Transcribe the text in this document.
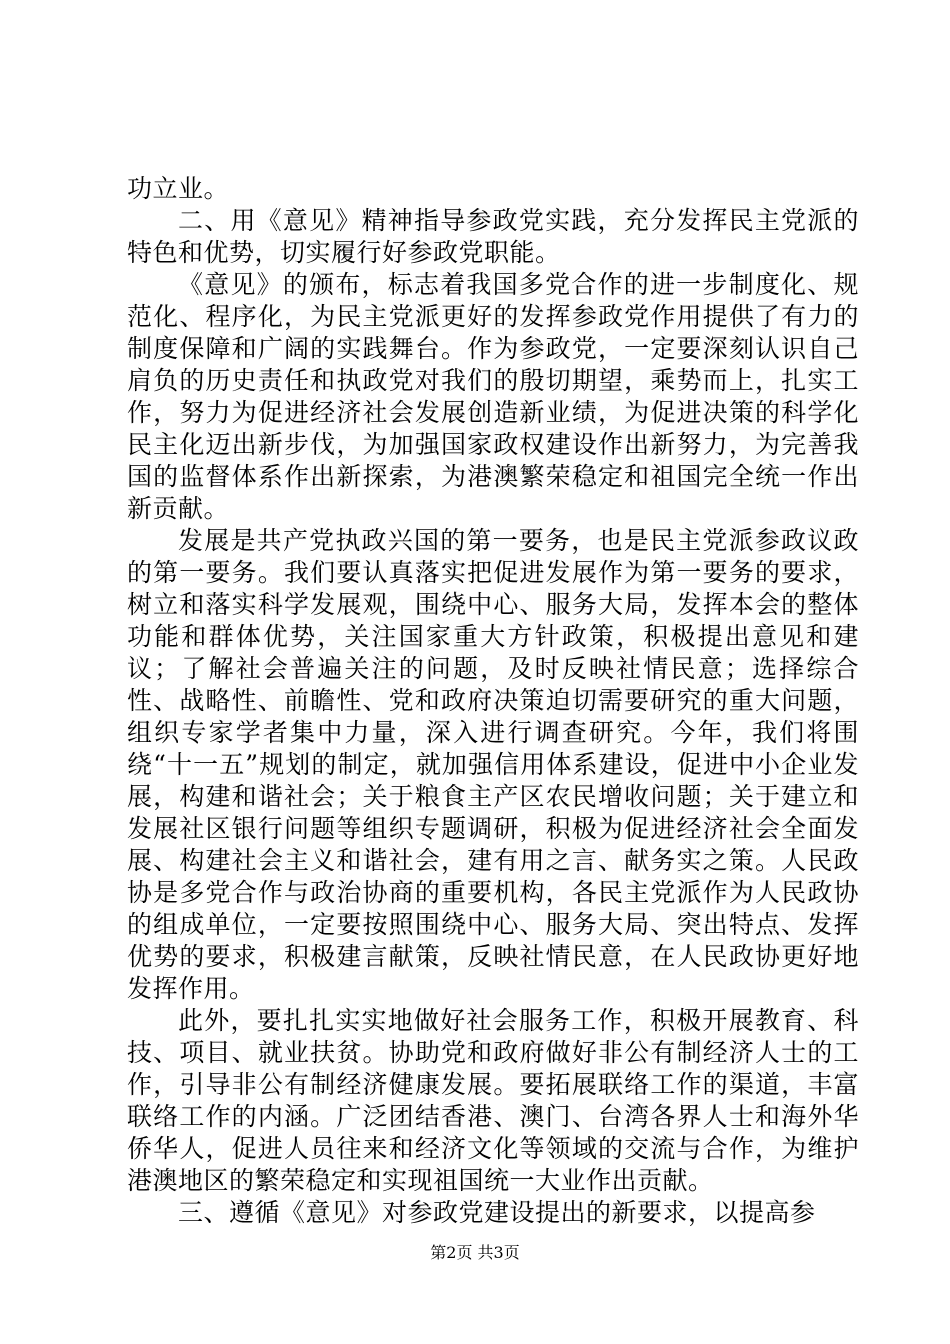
功立业。

二、用《意见》精神指导参政党实践，充分发挥民主党派的特色和优势，切实履行好参政党职能。

《意见》的颁布，标志着我国多党合作的进一步制度化、规范化、程序化，为民主党派更好的发挥参政党作用提供了有力的制度保障和广阔的实践舞台。作为参政党，一定要深刻认识自己肩负的历史责任和执政党对我们的殷切期望，乘势而上，扎实工作，努力为促进经济社会发展创造新业绩，为促进决策的科学化民主化迈出新步伐，为加强国家政权建设作出新努力，为完善我国的监督体系作出新探索，为港澳繁荣稳定和祖国完全统一作出新贡献。

发展是共产党执政兴国的第一要务，也是民主党派参政议政的第一要务。我们要认真落实把促进发展作为第一要务的要求，树立和落实科学发展观，围绕中心、服务大局，发挥本会的整体功能和群体优势，关注国家重大方针政策，积极提出意见和建议；了解社会普遍关注的问题，及时反映社情民意；选择综合性、战略性、前瞻性、党和政府决策迫切需要研究的重大问题，组织专家学者集中力量，深入进行调查研究。今年，我们将围绕“十一五”规划的制定，就加强信用体系建设，促进中小企业发展，构建和谐社会；关于粮食主产区农民增收问题；关于建立和发展社区银行问题等组织专题调研，积极为促进经济社会全面发展、构建社会主义和谐社会，建有用之言、献务实之策。人民政协是多党合作与政治协商的重要机构，各民主党派作为人民政协的组成单位，一定要按照围绕中心、服务大局、突出特点、发挥优势的要求，积极建言献策，反映社情民意，在人民政协更好地发挥作用。

此外，要扎扎实实地做好社会服务工作，积极开展教育、科技、项目、就业扶贫。协助党和政府做好非公有制经济人士的工作，引导非公有制经济健康发展。要拓展联络工作的渠道，丰富联络工作的内涵。广泛团结香港、澳门、台湾各界人士和海外华侨华人，促进人员往来和经济文化等领域的交流与合作，为维护港澳地区的繁荣稳定和实现祖国统一大业作出贡献。

三、遵循《意见》对参政党建设提出的新要求，以提高参

第2页 共3页
